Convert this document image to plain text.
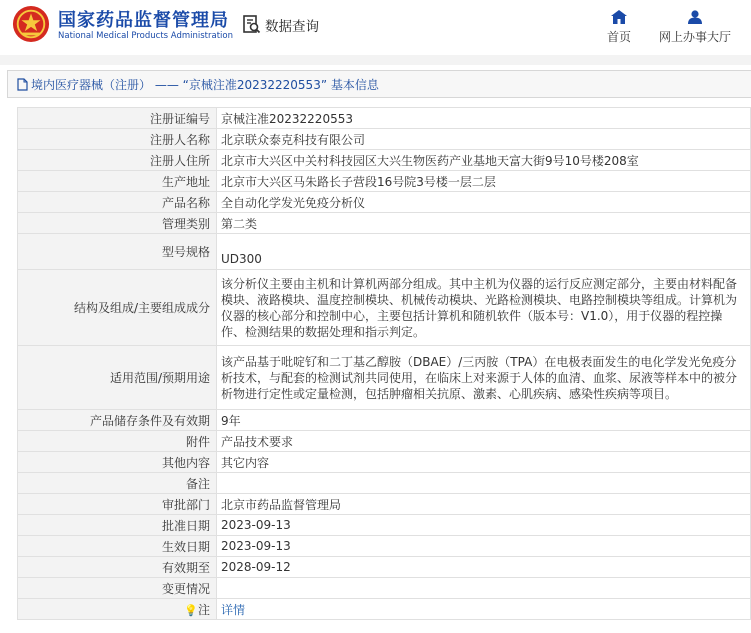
国家药品监督管理局
National Medical Products Administration
数据查询
首页 网上办事大厅
境内医疗器械（注册） —— “京械注准20232220553” 基本信息
注册证编号	京械注准20232220553
注册人名称	北京联众泰克科技有限公司
注册人住所	北京市大兴区中关村科技园区大兴生物医药产业基地天富大街9号10号楼208室
生产地址	北京市大兴区马朱路长子营段16号院3号楼一层二层
产品名称	全自动化学发光免疫分析仪
管理类别	第二类
型号规格	UD300
结构及组成/主要组成成分	该分析仪主要由主机和计算机两部分组成。其中主机为仪器的运行反应测定部分，主要由材料配备模块、液路模块、温度控制模块、机械传动模块、光路检测模块、电路控制模块等组成。计算机为仪器的核心部分和控制中心，主要包括计算机和随机软件（版本号：V1.0），用于仪器的程控操作、检测结果的数据处理和指示判定。
适用范围/预期用途	该产品基于吡啶钌和二丁基乙醇胺（DBAE）/三丙胺（TPA）在电极表面发生的电化学发光免疫分析技术，与配套的检测试剂共同使用，在临床上对来源于人体的血清、血浆、尿液等样本中的被分析物进行定性或定量检测，包括肿瘤相关抗原、激素、心肌疾病、感染性疾病等项目。
产品储存条件及有效期	9年
附件	产品技术要求
其他内容	其它内容
备注	
审批部门	北京市药品监督管理局
批准日期	2023-09-13
生效日期	2023-09-13
有效期至	2028-09-12
变更情况	
💡注	详情
